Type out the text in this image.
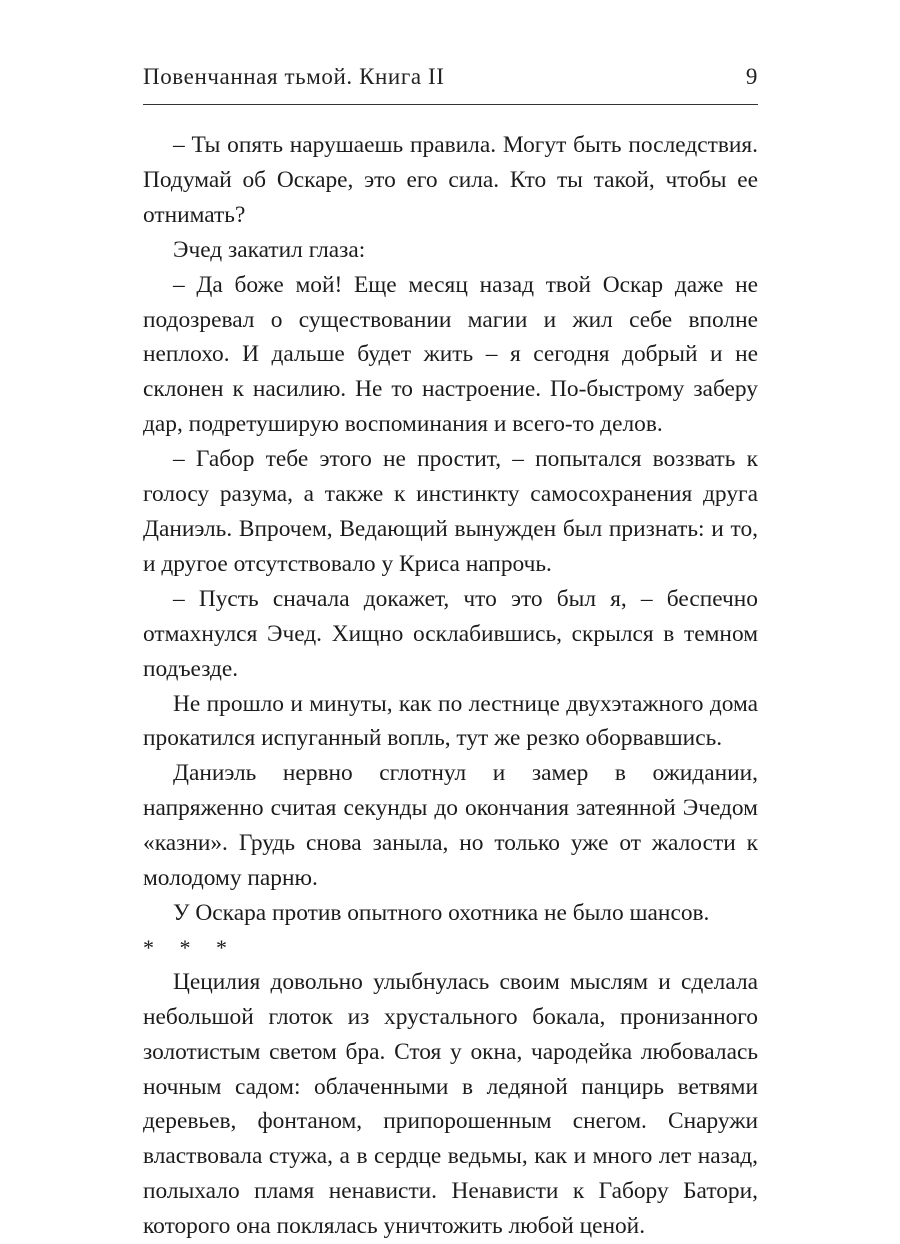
Повенчанная тьмой. Книга II	9

– Ты опять нарушаешь правила. Могут быть последствия. Подумай об Оскаре, это его сила. Кто ты такой, чтобы ее отнимать?

Эчед закатил глаза:

– Да боже мой! Еще месяц назад твой Оскар даже не подозревал о существовании магии и жил себе вполне неплохо. И дальше будет жить – я сегодня добрый и не склонен к насилию. Не то настроение. По-быстрому заберу дар, подретуширую воспоминания и всего-то делов.

– Габор тебе этого не простит, – попытался воззвать к голосу разума, а также к инстинкту самосохранения друга Даниэль. Впрочем, Ведающий вынужден был признать: и то, и другое отсутствовало у Криса напрочь.

– Пусть сначала докажет, что это был я, – беспечно отмахнулся Эчед. Хищно осклабившись, скрылся в темном подъезде.

Не прошло и минуты, как по лестнице двухэтажного дома прокатился испуганный вопль, тут же резко оборвавшись.

Даниэль нервно сглотнул и замер в ожидании, напряженно считая секунды до окончания затеянной Эчедом «казни». Грудь снова заныла, но только уже от жалости к молодому парню.

У Оскара против опытного охотника не было шансов.

* * *

Цецилия довольно улыбнулась своим мыслям и сделала небольшой глоток из хрустального бокала, пронизанного золотистым светом бра. Стоя у окна, чародейка любовалась ночным садом: облаченными в ледяной панцирь ветвями деревьев, фонтаном, припорошенным снегом. Снаружи властвовала стужа, а в сердце ведьмы, как и много лет назад, полыхало пламя ненависти. Ненависти к Габору Батори, которого она поклялась уничтожить любой ценой.
